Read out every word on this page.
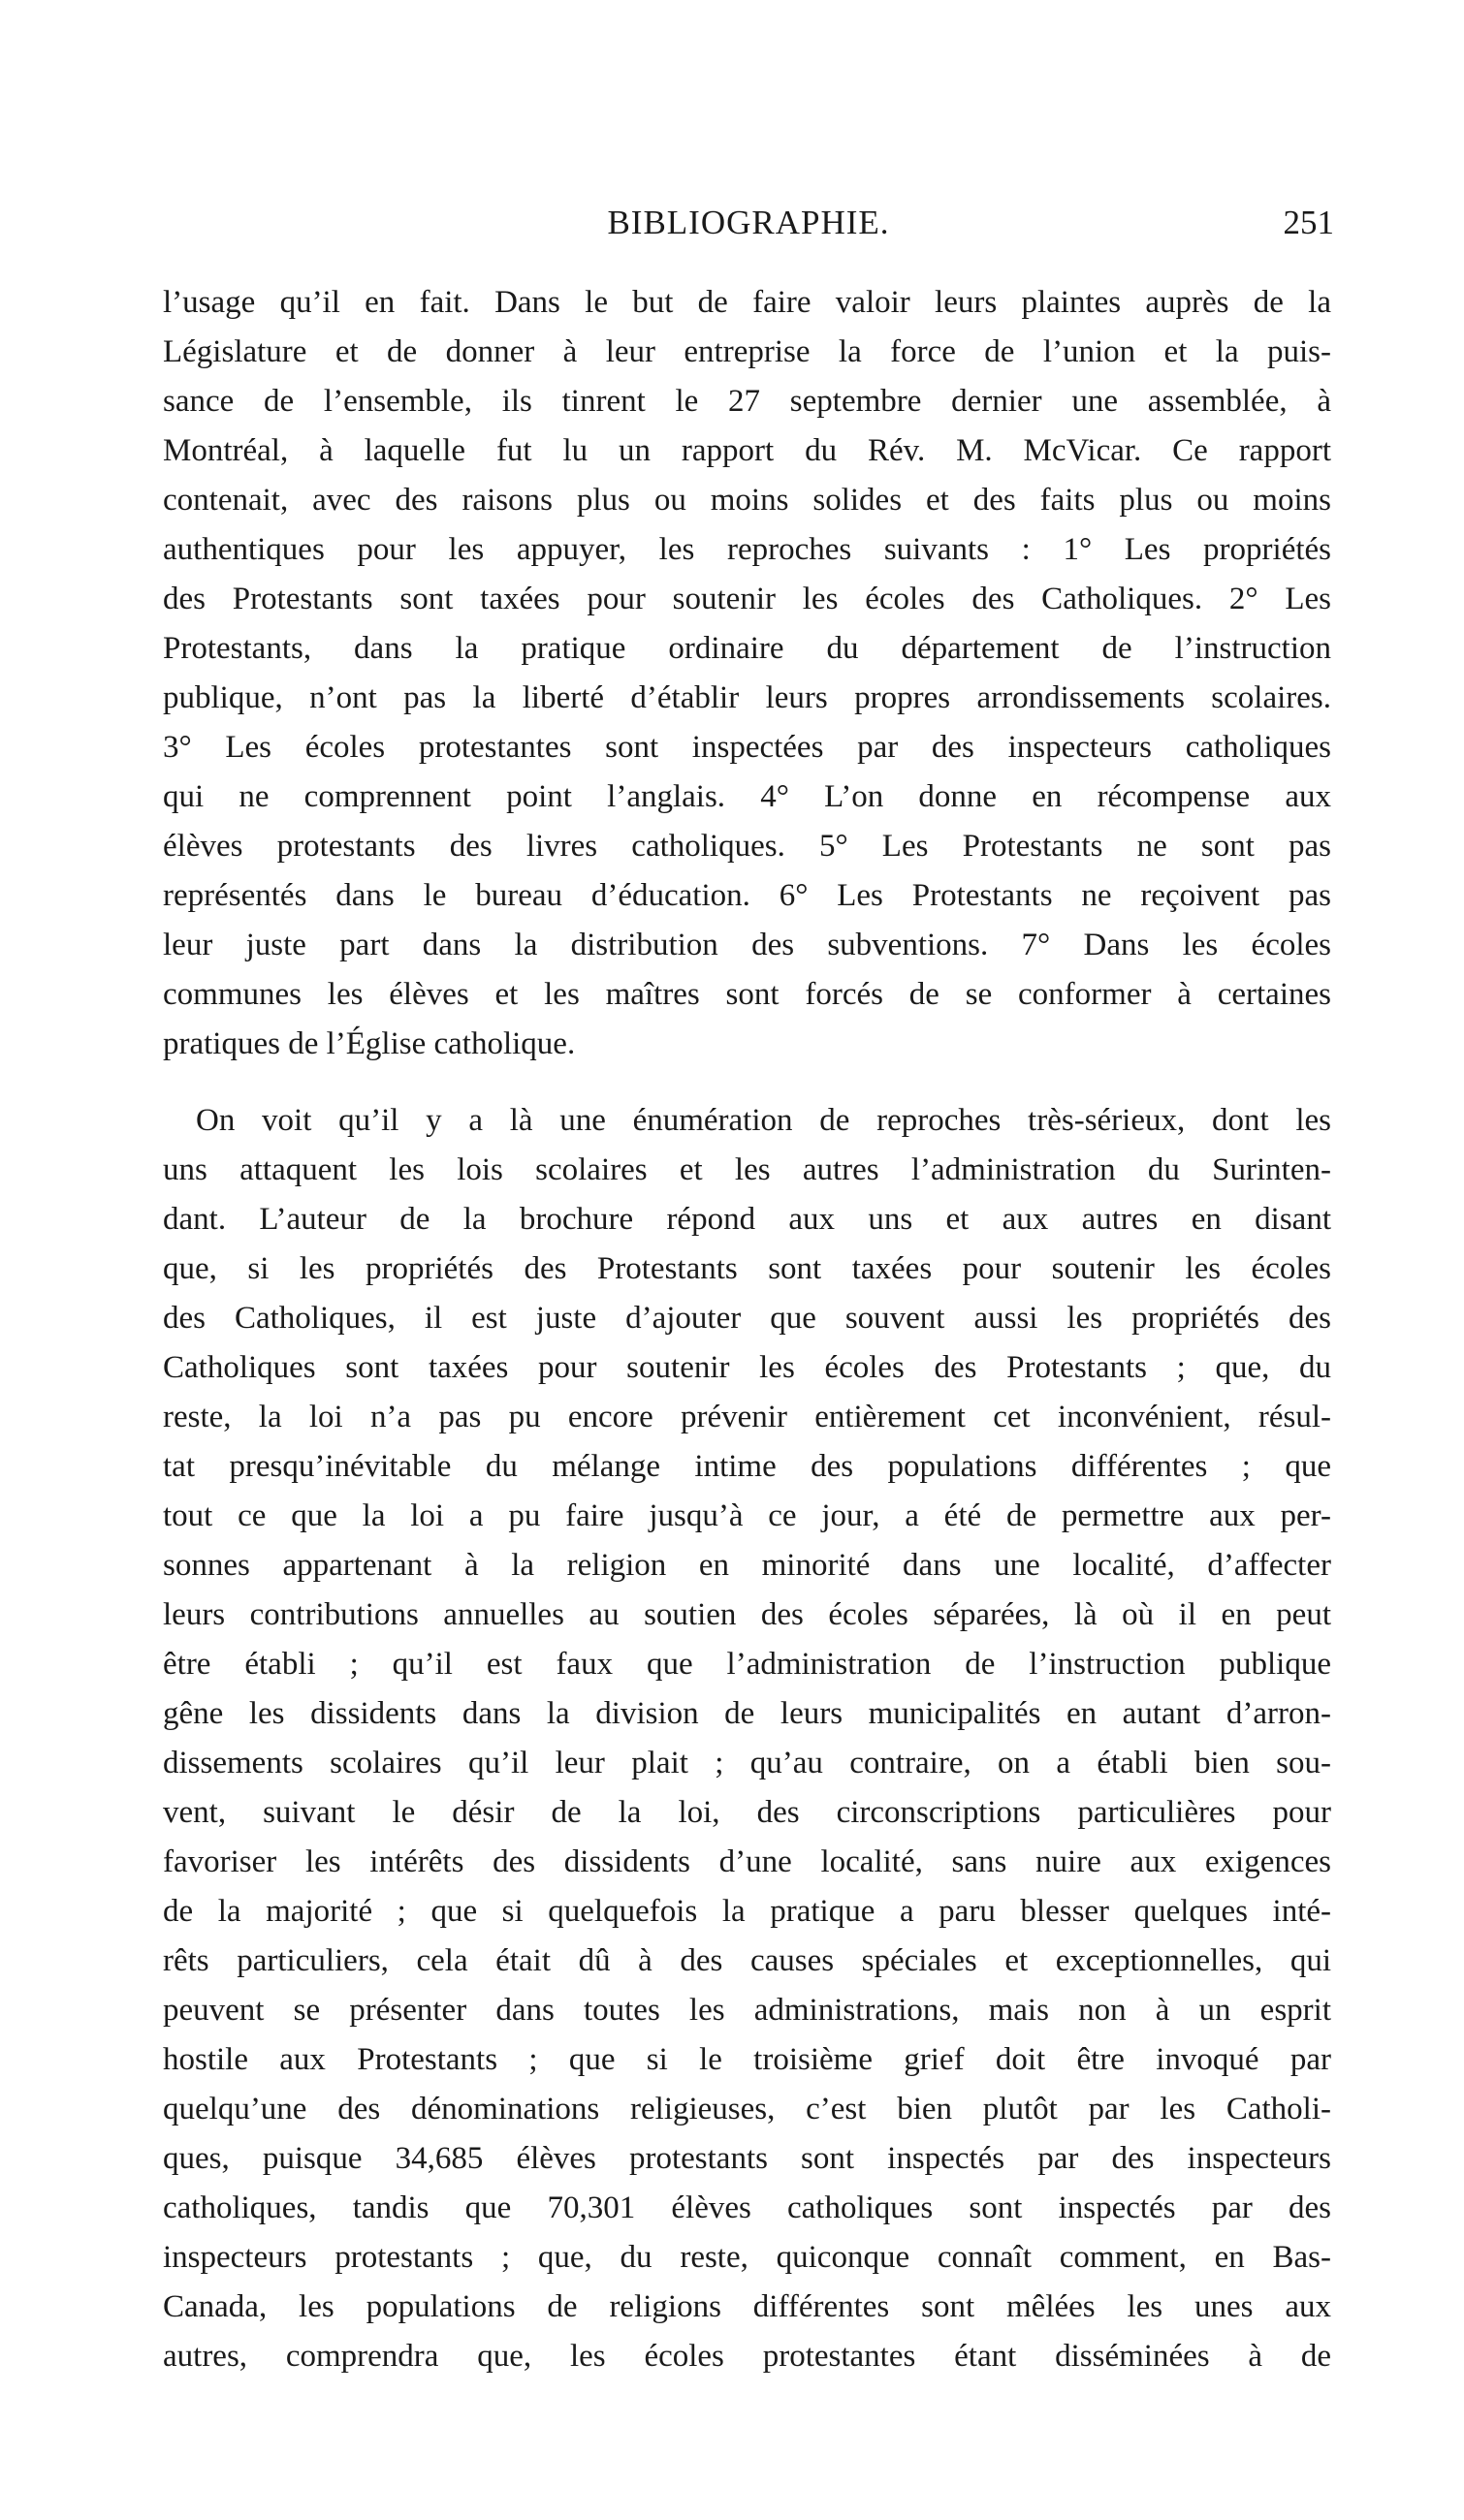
BIBLIOGRAPHIE.	251
l’usage qu’il en fait. Dans le but de faire valoir leurs plaintes auprès de la
Législature et de donner à leur entreprise la force de l’union et la puis-
sance de l’ensemble, ils tinrent le 27 septembre dernier une assemblée, à
Montréal, à laquelle fut lu un rapport du Rév. M. McVicar. Ce rapport
contenait, avec des raisons plus ou moins solides et des faits plus ou moins
authentiques pour les appuyer, les reproches suivants : 1° Les propriétés
des Protestants sont taxées pour soutenir les écoles des Catholiques. 2° Les
Protestants, dans la pratique ordinaire du département de l’instruction
publique, n’ont pas la liberté d’établir leurs propres arrondissements scolaires.
3° Les écoles protestantes sont inspectées par des inspecteurs catholiques
qui ne comprennent point l’anglais. 4° L’on donne en récompense aux
élèves protestants des livres catholiques. 5° Les Protestants ne sont pas
représentés dans le bureau d’éducation. 6° Les Protestants ne reçoivent pas
leur juste part dans la distribution des subventions. 7° Dans les écoles
communes les élèves et les maîtres sont forcés de se conformer à certaines
pratiques de l’Église catholique.
On voit qu’il y a là une énumération de reproches très-sérieux, dont les
uns attaquent les lois scolaires et les autres l’administration du Surinten-
dant. L’auteur de la brochure répond aux uns et aux autres en disant
que, si les propriétés des Protestants sont taxées pour soutenir les écoles
des Catholiques, il est juste d’ajouter que souvent aussi les propriétés des
Catholiques sont taxées pour soutenir les écoles des Protestants ; que, du
reste, la loi n’a pas pu encore prévenir entièrement cet inconvénient, résul-
tat presqu’inévitable du mélange intime des populations différentes ; que
tout ce que la loi a pu faire jusqu’à ce jour, a été de permettre aux per-
sonnes appartenant à la religion en minorité dans une localité, d’affecter
leurs contributions annuelles au soutien des écoles séparées, là où il en peut
être établi ; qu’il est faux que l’administration de l’instruction publique
gêne les dissidents dans la division de leurs municipalités en autant d’arron-
dissements scolaires qu’il leur plait ; qu’au contraire, on a établi bien sou-
vent, suivant le désir de la loi, des circonscriptions particulières pour
favoriser les intérêts des dissidents d’une localité, sans nuire aux exigences
de la majorité ; que si quelquefois la pratique a paru blesser quelques inté-
rêts particuliers, cela était dû à des causes spéciales et exceptionnelles, qui
peuvent se présenter dans toutes les administrations, mais non à un esprit
hostile aux Protestants ; que si le troisième grief doit être invoqué par
quelqu’une des dénominations religieuses, c’est bien plutôt par les Catholi-
ques, puisque 34,685 élèves protestants sont inspectés par des inspecteurs
catholiques, tandis que 70,301 élèves catholiques sont inspectés par des
inspecteurs protestants ; que, du reste, quiconque connaît comment, en Bas-
Canada, les populations de religions différentes sont mêlées les unes aux
autres, comprendra que, les écoles protestantes étant disséminées à de
